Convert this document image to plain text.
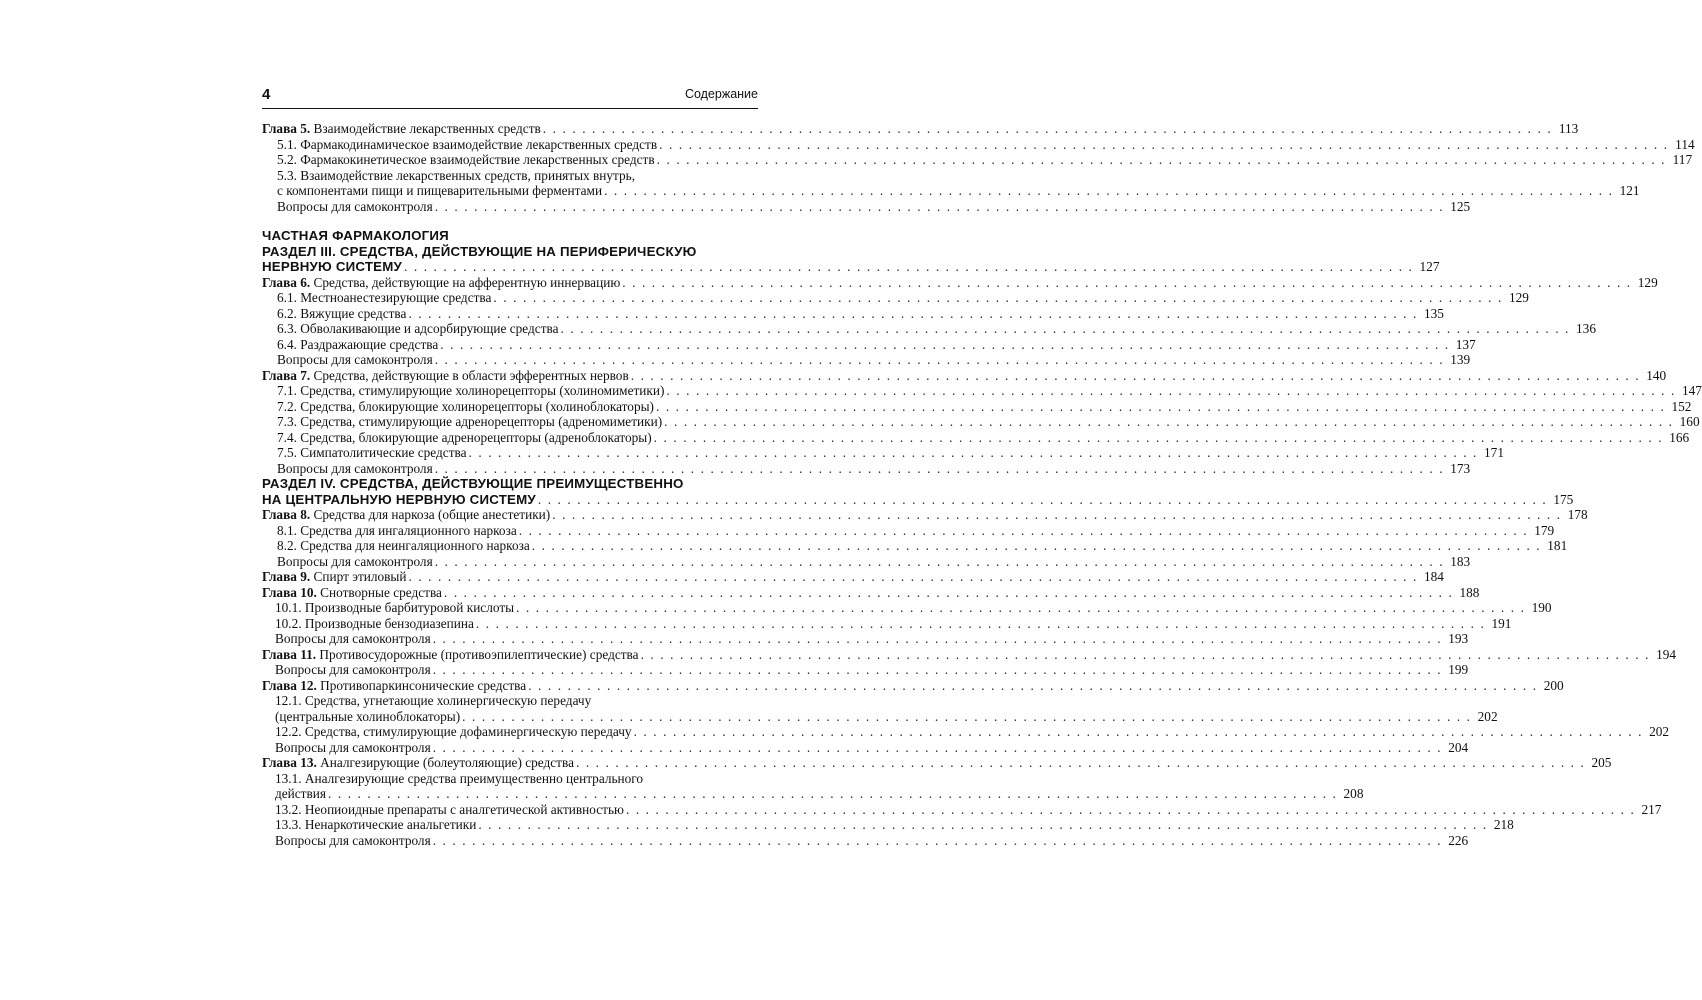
4	Содержание
Глава 5. Взаимодействие лекарственных средств . . .	113
5.1. Фармакодинамическое взаимодействие лекарственных средств . . .	114
5.2. Фармакокинетическое взаимодействие лекарственных средств . . .	117
5.3. Взаимодействие лекарственных средств, принятых внутрь,
с компонентами пищи и пищеварительными ферментами . . .	121
Вопросы для самоконтроля . . .	125
ЧАСТНАЯ ФАРМАКОЛОГИЯ
РАЗДЕЛ III. СРЕДСТВА, ДЕЙСТВУЮЩИЕ НА ПЕРИФЕРИЧЕСКУЮ
НЕРВНУЮ СИСТЕМУ . . .	127
Глава 6. Средства, действующие на афферентную иннервацию . . .	129
6.1. Местноанестезирующие средства . . .	129
6.2. Вяжущие средства . . .	135
6.3. Обволакивающие и адсорбирующие средства . . .	136
6.4. Раздражающие средства . . .	137
Вопросы для самоконтроля . . .	139
Глава 7. Средства, действующие в области эфферентных нервов . . .	140
7.1. Средства, стимулирующие холинорецепторы (холиномиметики) . . .	147
7.2. Средства, блокирующие холинорецепторы (холиноблокаторы) . . .	152
7.3. Средства, стимулирующие адренорецепторы (адреномиметики) . . .	160
7.4. Средства, блокирующие адренорецепторы (адреноблокаторы) . . .	166
7.5. Симпатолитические средства . . .	171
Вопросы для самоконтроля . . .	173
РАЗДЕЛ IV. СРЕДСТВА, ДЕЙСТВУЮЩИЕ ПРЕИМУЩЕСТВЕННО
НА ЦЕНТРАЛЬНУЮ НЕРВНУЮ СИСТЕМУ . . .	175
Глава 8. Средства для наркоза (общие анестетики) . . .	178
8.1. Средства для ингаляционного наркоза . . .	179
8.2. Средства для неингаляционного наркоза . . .	181
Вопросы для самоконтроля . . .	183
Глава 9. Спирт этиловый . . .	184
Глава 10. Снотворные средства . . .	188
10.1. Производные барбитуровой кислоты . . .	190
10.2. Производные бензодиазепина . . .	191
Вопросы для самоконтроля . . .	193
Глава 11. Противосудорожные (противоэпилептические) средства . . .	194
Вопросы для самоконтроля . . .	199
Глава 12. Противопаркинсонические средства . . .	200
12.1. Средства, угнетающие холинергическую передачу
(центральные холиноблокаторы) . . .	202
12.2. Средства, стимулирующие дофаминергическую передачу . . .	202
Вопросы для самоконтроля . . .	204
Глава 13. Аналгезирующие (болеутоляющие) средства . . .	205
13.1. Аналгезирующие средства преимущественно центрального
действия . . .	208
13.2. Неопиоидные препараты с аналгетической активностью . . .	217
13.3. Ненаркотические анальгетики . . .	218
Вопросы для самоконтроля . . .	226
